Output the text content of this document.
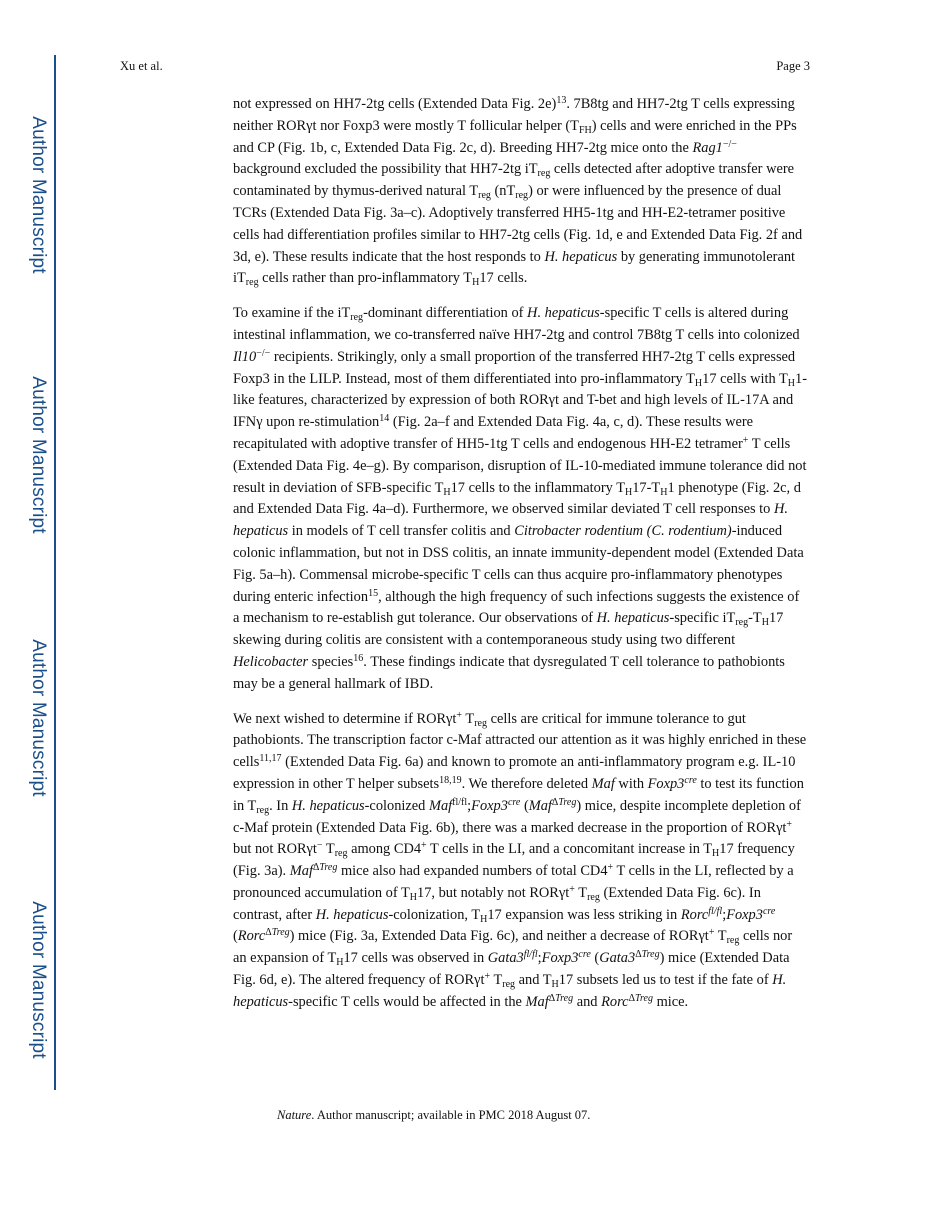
Author Manuscript
Author Manuscript
Author Manuscript
Author Manuscript
Xu et al.	Page 3

not expressed on HH7-2tg cells (Extended Data Fig. 2e)$^{13}$. 7B8tg and HH7-2tg T cells expressing neither RORγt nor Foxp3 were mostly T follicular helper $(T_{FH})$ cells and were enriched in the PPs and CP (Fig. 1b, c, Extended Data Fig. 2c, d). Breeding HH7-2tg mice onto the Rag1−/− background excluded the possibility that HH7-2tg $iT_{reg}$ cells detected after adoptive transfer were contaminated by thymus-derived natural $T_{reg}$ $(nT_{reg})$ or were influenced by the presence of dual TCRs (Extended Data Fig. 3a–c). Adoptively transferred HH5-1tg and HH-E2-tetramer positive cells had differentiation profiles similar to HH7-2tg cells (Fig. 1d, e and Extended Data Fig. 2f and 3d, e). These results indicate that the host responds to H. hepaticus by generating immunotolerant $iT_{reg}$ cells rather than pro-inflammatory $T_H17$ cells.

To examine if the $iT_{reg}$-dominant differentiation of H. hepaticus-specific T cells is altered during intestinal inflammation, we co-transferred naïve HH7-2tg and control 7B8tg T cells into colonized Il10−/− recipients. Strikingly, only a small proportion of the transferred HH7-2tg T cells expressed Foxp3 in the LILP. Instead, most of them differentiated into pro-inflammatory $T_H17$ cells with $T_H1$-like features, characterized by expression of both RORγt and T-bet and high levels of IL-17A and IFNγ upon re-stimulation$^{14}$ (Fig. 2a–f and Extended Data Fig. 4a, c, d). These results were recapitulated with adoptive transfer of HH5-1tg T cells and endogenous HH-E2 tetramer+ T cells (Extended Data Fig. 4e–g). By comparison, disruption of IL-10-mediated immune tolerance did not result in deviation of SFB-specific $T_H17$ cells to the inflammatory $T_H17-T_H1$ phenotype (Fig. 2c, d and Extended Data Fig. 4a–d). Furthermore, we observed similar deviated T cell responses to H. hepaticus in models of T cell transfer colitis and Citrobacter rodentium (C. rodentium)-induced colonic inflammation, but not in DSS colitis, an innate immunity-dependent model (Extended Data Fig. 5a–h). Commensal microbe-specific T cells can thus acquire pro-inflammatory phenotypes during enteric infection$^{15}$, although the high frequency of such infections suggests the existence of a mechanism to re-establish gut tolerance. Our observations of H. hepaticus-specific $iT_{reg}-T_H17$ skewing during colitis are consistent with a contemporaneous study using two different Helicobacter species$^{16}$. These findings indicate that dysregulated T cell tolerance to pathobionts may be a general hallmark of IBD.

We next wished to determine if RORγt+ $T_{reg}$ cells are critical for immune tolerance to gut pathobionts. The transcription factor c-Maf attracted our attention as it was highly enriched in these cells$^{11,17}$ (Extended Data Fig. 6a) and known to promote an anti-inflammatory program e.g. IL-10 expression in other T helper subsets$^{18,19}$. We therefore deleted Maf with $Foxp3^{cre}$ to test its function in $T_{reg}$. In H. hepaticus-colonized $Maf^{fl/fl};Foxp3^{cre}$ (Maf$^{\Delta Treg}$) mice, despite incomplete depletion of c-Maf protein (Extended Data Fig. 6b), there was a marked decrease in the proportion of RORγt+ but not RORγt− $T_{reg}$ among CD4+ T cells in the LI, and a concomitant increase in $T_H17$ frequency (Fig. 3a). Maf$^{\Delta Treg}$ mice also had expanded numbers of total CD4+ T cells in the LI, reflected by a pronounced accumulation of $T_H17$, but notably not RORγt+ $T_{reg}$ (Extended Data Fig. 6c). In contrast, after H. hepaticus-colonization, $T_H17$ expansion was less striking in $Rorc^{fl/fl};Foxp3^{cre}$ (Rorc$^{\Delta Treg}$) mice (Fig. 3a, Extended Data Fig. 6c), and neither a decrease of RORγt+ $T_{reg}$ cells nor an expansion of $T_H17$ cells was observed in $Gata3^{fl/fl};Foxp3^{cre}$ $(Gata3^{\Delta Treg})$ mice (Extended Data Fig. 6d, e). The altered frequency of RORγt+ $T_{reg}$ and $T_H17$ subsets led us to test if the fate of H. hepaticus-specific T cells would be affected in the Maf$^{\Delta Treg}$ and Rorc$^{\Delta Treg}$ mice.

Nature. Author manuscript; available in PMC 2018 August 07.
